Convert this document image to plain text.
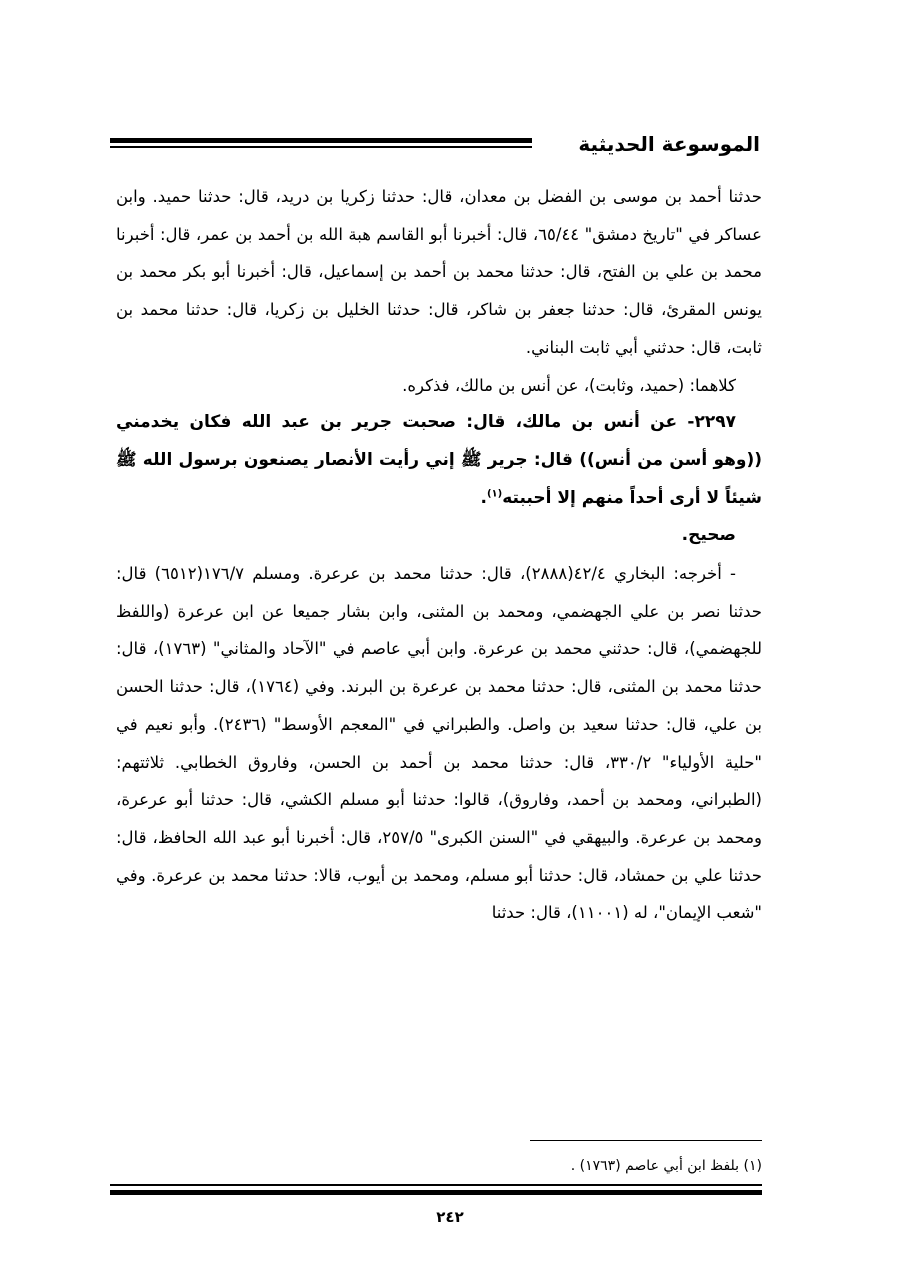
الموسوعة الحديثية

حدثنا أحمد بن موسى بن الفضل بن معدان، قال: حدثنا زكريا بن دريد، قال: حدثنا حميد. وابن عساكر في "تاريخ دمشق" ٦٥/٤٤، قال: أخبرنا أبو القاسم هبة الله بن أحمد بن عمر، قال: أخبرنا محمد بن علي بن الفتح، قال: حدثنا محمد بن أحمد بن إسماعيل، قال: أخبرنا أبو بكر محمد بن يونس المقرئ، قال: حدثنا جعفر بن شاكر، قال: حدثنا الخليل بن زكريا، قال: حدثنا محمد بن ثابت، قال: حدثني أبي ثابت البناني.

كلاهما: (حميد، وثابت)، عن أنس بن مالك، فذكره.

٢٢٩٧- عن أنس بن مالك، قال: صحبت جرير بن عبد الله فكان يخدمني ((وهو أسن من أنس)) قال: جرير ﷺ إني رأيت الأنصار يصنعون برسول الله ﷺ شيئاً لا أرى أحداً منهم إلا أحببته$^{(١)}$.

صحيح.

- أخرجه: البخاري ٤٢/٤(٢٨٨٨)، قال: حدثنا محمد بن عرعرة. ومسلم ١٧٦/٧(٦٥١٢) قال: حدثنا نصر بن علي الجهضمي، ومحمد بن المثنى، وابن بشار جميعا عن ابن عرعرة (واللفظ للجهضمي)، قال: حدثني محمد بن عرعرة. وابن أبي عاصم في "الآحاد والمثاني" (١٧٦٣)، قال: حدثنا محمد بن المثنى، قال: حدثنا محمد بن عرعرة بن البرند. وفي (١٧٦٤)، قال: حدثنا الحسن بن علي، قال: حدثنا سعيد بن واصل. والطبراني في "المعجم الأوسط" (٢٤٣٦). وأبو نعيم في "حلية الأولياء" ٣٣٠/٢، قال: حدثنا محمد بن أحمد بن الحسن، وفاروق الخطابي. ثلاثتهم: (الطبراني، ومحمد بن أحمد، وفاروق)، قالوا: حدثنا أبو مسلم الكشي، قال: حدثنا أبو عرعرة، ومحمد بن عرعرة. والبيهقي في "السنن الكبرى" ٢٥٧/٥، قال: أخبرنا أبو عبد الله الحافظ، قال: حدثنا علي بن حمشاد، قال: حدثنا أبو مسلم، ومحمد بن أيوب، قالا: حدثنا محمد بن عرعرة. وفي "شعب الإيمان"، له (١١٠٠١)، قال: حدثنا

(١) بلفظ ابن أبي عاصم (١٧٦٣) .
٢٤٢
